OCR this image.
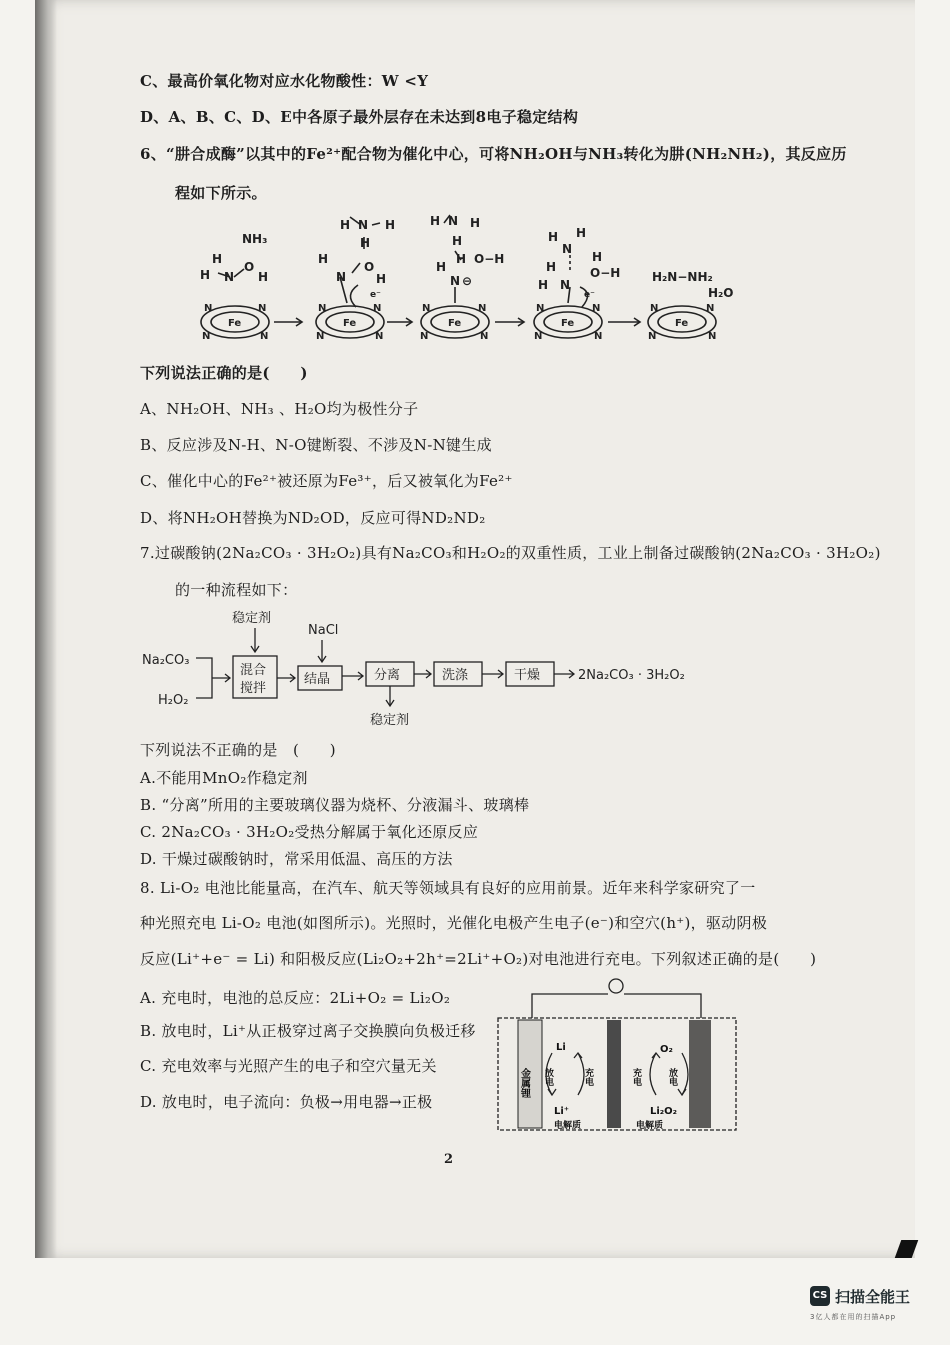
C、最高价氧化物对应水化物酸性：W <Y
D、A、B、C、D、E中各原子最外层存在未达到8电子稳定结构
6、“肼合成酶”以其中的Fe²⁺配合物为催化中心，可将NH₂OH与NH₃转化为肼(NH₂NH₂)，其反应历
程如下所示。
NH₃
H
H N
O
H
H	H
N
H
H
N
O
H
e⁻
Fe
N	N
N	N
Fe
N	N
N	N
Fe
N	N
N	N
Fe
N	N
N	N
Fe
N	N
N	N
H H
N
H
H
N ⊖
H O−H
H H
N
H
H N
e⁻
O−H
H
H₂N−NH₂
H₂O
下列说法正确的是(　　)
A、NH₂OH、NH₃ 、H₂O均为极性分子
B、反应涉及N-H、N-O键断裂、不涉及N-N键生成
C、催化中心的Fe²⁺被还原为Fe³⁺，后又被氧化为Fe²⁺
D、将NH₂OH替换为ND₂OD，反应可得ND₂ND₂
7.过碳酸钠(2Na₂CO₃ · 3H₂O₂)具有Na₂CO₃和H₂O₂的双重性质，工业上制备过碳酸钠(2Na₂CO₃ · 3H₂O₂)
的一种流程如下：
Na₂CO₃
H₂O₂
稳定剂
NaCl
混合
搅拌
结晶	分离	洗涤	干燥	2Na₂CO₃ · 3H₂O₂
稳定剂
下列说法不正确的是　(　　)
A.不能用MnO₂作稳定剂
B. “分离”所用的主要玻璃仪器为烧杯、分液漏斗、玻璃棒
C. 2Na₂CO₃ · 3H₂O₂受热分解属于氧化还原反应
D. 干燥过碳酸钠时，常采用低温、高压的方法
8. Li-O₂ 电池比能量高，在汽车、航天等领域具有良好的应用前景。近年来科学家研究了一
种光照充电 Li-O₂ 电池(如图所示)。光照时，光催化电极产生电子(e⁻)和空穴(h⁺)，驱动阴极
反应(Li⁺+e⁻ = Li) 和阳极反应(Li₂O₂+2h⁺=2Li⁺+O₂)对电池进行充电。下列叙述正确的是(　　)
A. 充电时，电池的总反应：2Li+O₂ = Li₂O₂
B. 放电时，Li⁺从正极穿过离子交换膜向负极迁移
C. 充电效率与光照产生的电子和空穴量无关
D. 放电时，电子流向：负极→用电器→正极
金属锂
Li
Li⁺
放电	充电	充电	放电
O₂
Li₂O₂
电解质	电解质
2
CS 扫描全能王
3亿人都在用的扫描App
